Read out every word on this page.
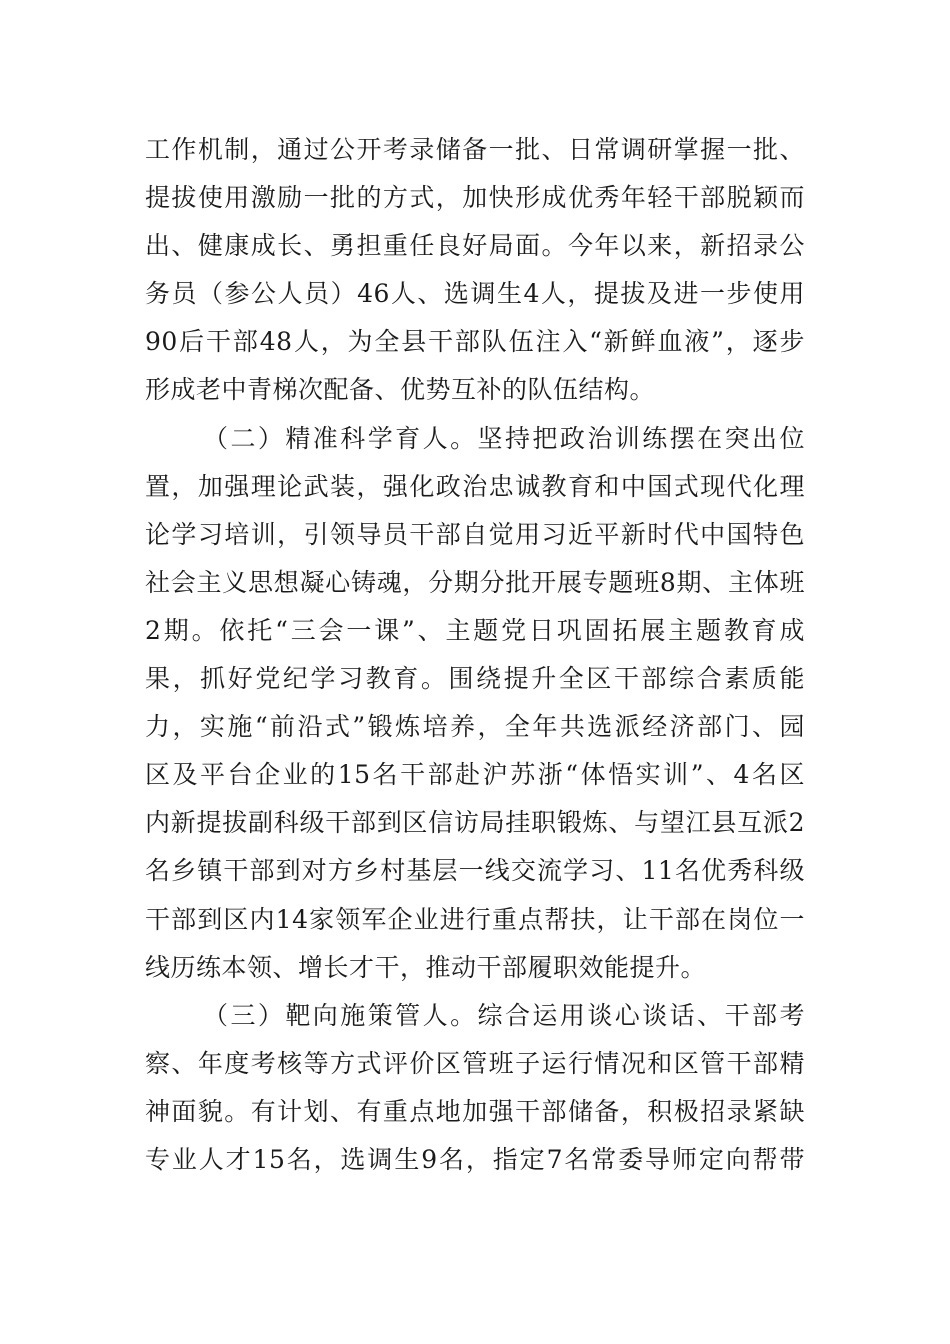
工作机制，通过公开考录储备一批、日常调研掌握一批、
提拔使用激励一批的方式，加快形成优秀年轻干部脱颖而
出、健康成长、勇担重任良好局面。今年以来，新招录公
务员（参公人员）46人、选调生4人，提拔及进一步使用
90后干部48人，为全县干部队伍注入“新鲜血液”，逐步
形成老中青梯次配备、优势互补的队伍结构。
（二）精准科学育人。坚持把政治训练摆在突出位
置，加强理论武装，强化政治忠诚教育和中国式现代化理
论学习培训，引领导员干部自觉用习近平新时代中国特色
社会主义思想凝心铸魂，分期分批开展专题班8期、主体班
2期。依托“三会一课”、主题党日巩固拓展主题教育成
果，抓好党纪学习教育。围绕提升全区干部综合素质能
力，实施“前沿式”锻炼培养，全年共选派经济部门、园
区及平台企业的15名干部赴沪苏浙“体悟实训”、4名区
内新提拔副科级干部到区信访局挂职锻炼、与望江县互派2
名乡镇干部到对方乡村基层一线交流学习、11名优秀科级
干部到区内14家领军企业进行重点帮扶，让干部在岗位一
线历练本领、增长才干，推动干部履职效能提升。
（三）靶向施策管人。综合运用谈心谈话、干部考
察、年度考核等方式评价区管班子运行情况和区管干部精
神面貌。有计划、有重点地加强干部储备，积极招录紧缺
专业人才15名，选调生9名，指定7名常委导师定向帮带
